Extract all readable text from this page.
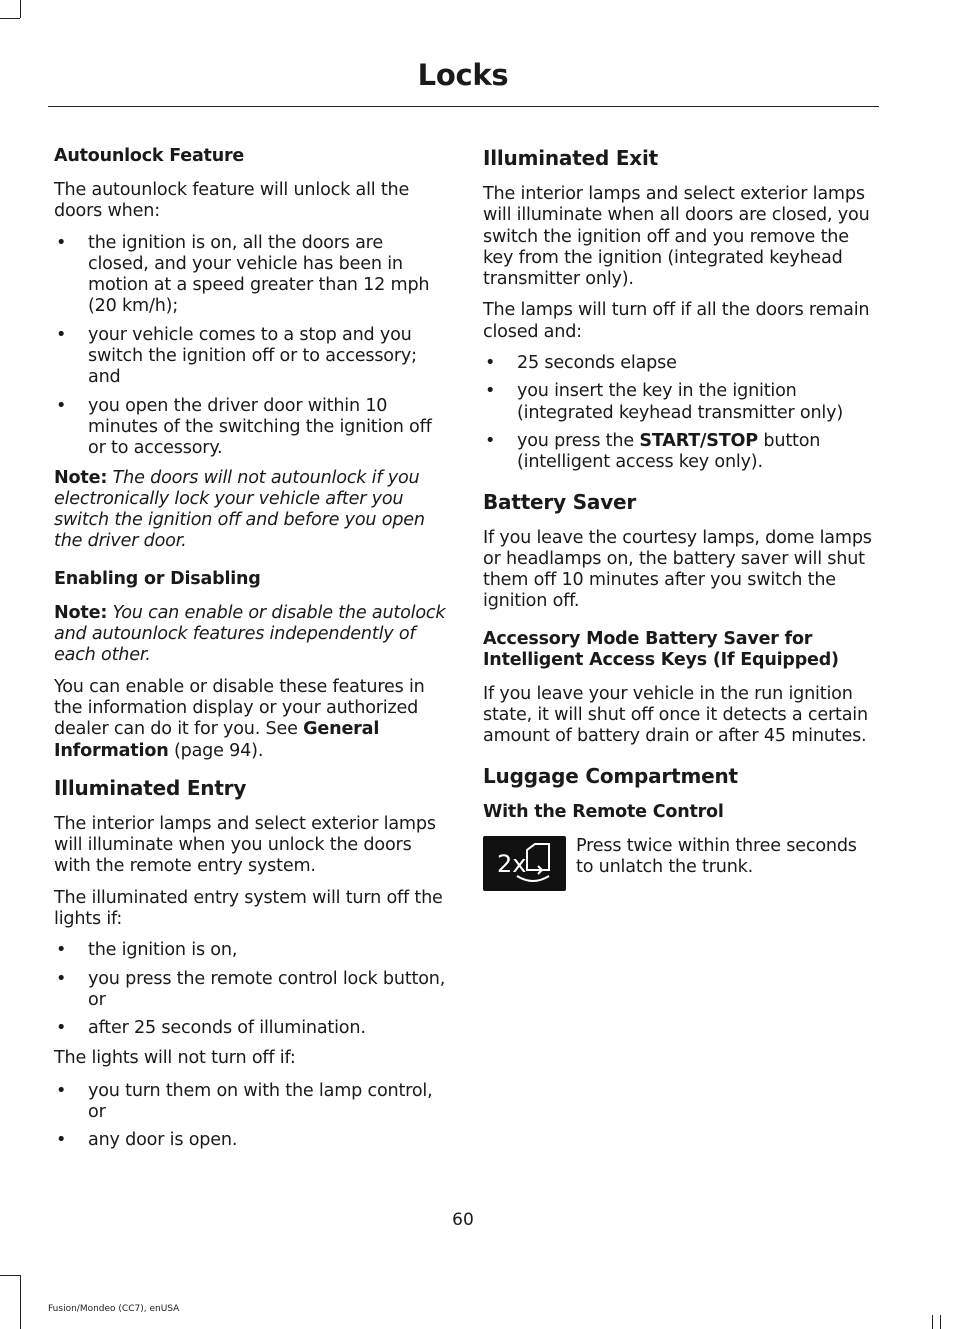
Locks
Autounlock Feature

The autounlock feature will unlock all the doors when:

• the ignition is on, all the doors are closed, and your vehicle has been in motion at a speed greater than 12 mph (20 km/h);
• your vehicle comes to a stop and you switch the ignition off or to accessory; and
• you open the driver door within 10 minutes of the switching the ignition off or to accessory.

Note: The doors will not autounlock if you electronically lock your vehicle after you switch the ignition off and before you open the driver door.

Enabling or Disabling

Note: You can enable or disable the autolock and autounlock features independently of each other.

You can enable or disable these features in the information display or your authorized dealer can do it for you. See General Information (page 94).

Illuminated Entry

The interior lamps and select exterior lamps will illuminate when you unlock the doors with the remote entry system.

The illuminated entry system will turn off the lights if:

• the ignition is on,
• you press the remote control lock button, or
• after 25 seconds of illumination.

The lights will not turn off if:

• you turn them on with the lamp control, or
• any door is open.
Illuminated Exit

The interior lamps and select exterior lamps will illuminate when all doors are closed, you switch the ignition off and you remove the key from the ignition (integrated keyhead transmitter only).

The lamps will turn off if all the doors remain closed and:

• 25 seconds elapse
• you insert the key in the ignition (integrated keyhead transmitter only)
• you press the START/STOP button (intelligent access key only).
Battery Saver

If you leave the courtesy lamps, dome lamps or headlamps on, the battery saver will shut them off 10 minutes after you switch the ignition off.

Accessory Mode Battery Saver for Intelligent Access Keys (If Equipped)

If you leave your vehicle in the run ignition state, it will shut off once it detects a certain amount of battery drain or after 45 minutes.

Luggage Compartment
With the Remote Control
2x

Press twice within three seconds to unlatch the trunk.

60
Fusion/Mondeo (CC7), enUSA
